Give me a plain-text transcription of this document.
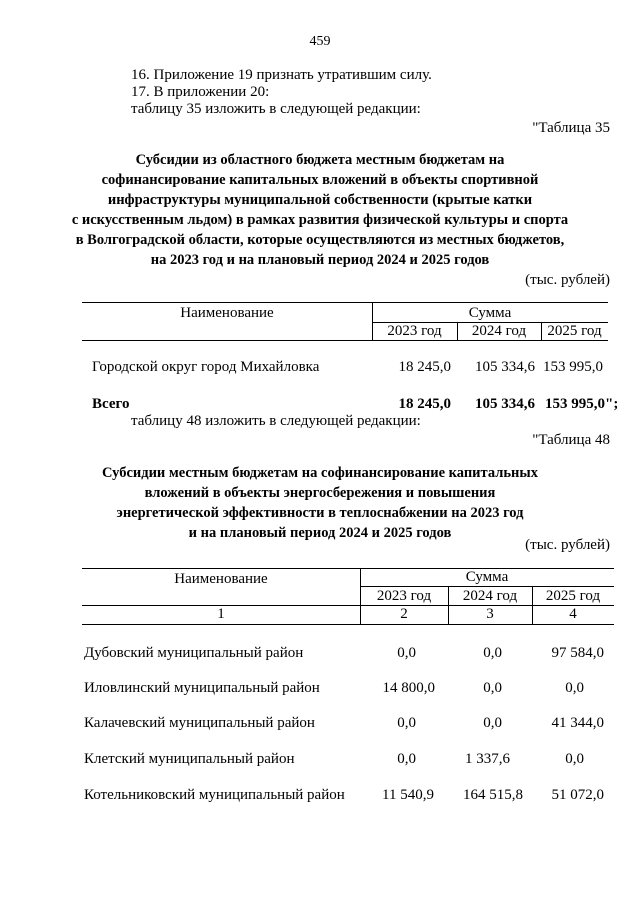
459
16. Приложение 19 признать утратившим силу.
17. В приложении 20:
таблицу 35 изложить в следующей редакции:
"Таблица 35
Субсидии из областного бюджета местным бюджетам на
софинансирование капитальных вложений в объекты спортивной
инфраструктуры муниципальной собственности (крытые катки
с искусственным льдом) в рамках развития физической культуры и спорта
в Волгоградской области, которые осуществляются из местных бюджетов,
на 2023 год и на плановый период 2024 и 2025 годов
(тыс. рублей)
Наименование	Сумма
2023 год	2024 год	2025 год
Городской округ город Михайловка	18 245,0	105 334,6 153 995,0
Всего	18 245,0	105 334,6 153 995,0";
таблицу 48 изложить в следующей редакции:
"Таблица 48
Субсидии местным бюджетам на софинансирование капитальных
вложений в объекты энергосбережения и повышения
энергетической эффективности в теплоснабжении на 2023 год
и на плановый период 2024 и 2025 годов
(тыс. рублей)
Наименование	Сумма
2023 год	2024 год	2025 год
1	2	3	4
Дубовский муниципальный район	0,0	0,0	97 584,0
Иловлинский муниципальный район	14 800,0	0,0	0,0
Калачевский муниципальный район	0,0	0,0	41 344,0
Клетский муниципальный район	0,0	1 337,6	0,0
Котельниковский муниципальный район	11 540,9	164 515,8	51 072,0
